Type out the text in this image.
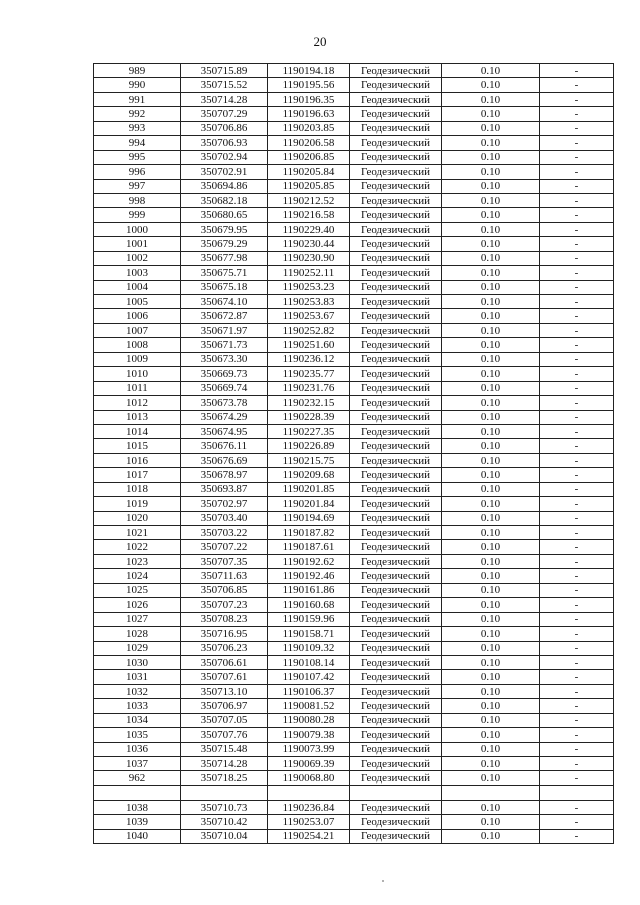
20
989	350715.89	1190194.18	Геодезический	0.10	-
990	350715.52	1190195.56	Геодезический	0.10	-
991	350714.28	1190196.35	Геодезический	0.10	-
992	350707.29	1190196.63	Геодезический	0.10	-
993	350706.86	1190203.85	Геодезический	0.10	-
994	350706.93	1190206.58	Геодезический	0.10	-
995	350702.94	1190206.85	Геодезический	0.10	-
996	350702.91	1190205.84	Геодезический	0.10	-
997	350694.86	1190205.85	Геодезический	0.10	-
998	350682.18	1190212.52	Геодезический	0.10	-
999	350680.65	1190216.58	Геодезический	0.10	-
1000	350679.95	1190229.40	Геодезический	0.10	-
1001	350679.29	1190230.44	Геодезический	0.10	-
1002	350677.98	1190230.90	Геодезический	0.10	-
1003	350675.71	1190252.11	Геодезический	0.10	-
1004	350675.18	1190253.23	Геодезический	0.10	-
1005	350674.10	1190253.83	Геодезический	0.10	-
1006	350672.87	1190253.67	Геодезический	0.10	-
1007	350671.97	1190252.82	Геодезический	0.10	-
1008	350671.73	1190251.60	Геодезический	0.10	-
1009	350673.30	1190236.12	Геодезический	0.10	-
1010	350669.73	1190235.77	Геодезический	0.10	-
1011	350669.74	1190231.76	Геодезический	0.10	-
1012	350673.78	1190232.15	Геодезический	0.10	-
1013	350674.29	1190228.39	Геодезический	0.10	-
1014	350674.95	1190227.35	Геодезический	0.10	-
1015	350676.11	1190226.89	Геодезический	0.10	-
1016	350676.69	1190215.75	Геодезический	0.10	-
1017	350678.97	1190209.68	Геодезический	0.10	-
1018	350693.87	1190201.85	Геодезический	0.10	-
1019	350702.97	1190201.84	Геодезический	0.10	-
1020	350703.40	1190194.69	Геодезический	0.10	-
1021	350703.22	1190187.82	Геодезический	0.10	-
1022	350707.22	1190187.61	Геодезический	0.10	-
1023	350707.35	1190192.62	Геодезический	0.10	-
1024	350711.63	1190192.46	Геодезический	0.10	-
1025	350706.85	1190161.86	Геодезический	0.10	-
1026	350707.23	1190160.68	Геодезический	0.10	-
1027	350708.23	1190159.96	Геодезический	0.10	-
1028	350716.95	1190158.71	Геодезический	0.10	-
1029	350706.23	1190109.32	Геодезический	0.10	-
1030	350706.61	1190108.14	Геодезический	0.10	-
1031	350707.61	1190107.42	Геодезический	0.10	-
1032	350713.10	1190106.37	Геодезический	0.10	-
1033	350706.97	1190081.52	Геодезический	0.10	-
1034	350707.05	1190080.28	Геодезический	0.10	-
1035	350707.76	1190079.38	Геодезический	0.10	-
1036	350715.48	1190073.99	Геодезический	0.10	-
1037	350714.28	1190069.39	Геодезический	0.10	-
962	350718.25	1190068.80	Геодезический	0.10	-

1038	350710.73	1190236.84	Геодезический	0.10	-
1039	350710.42	1190253.07	Геодезический	0.10	-
1040	350710.04	1190254.21	Геодезический	0.10	-
